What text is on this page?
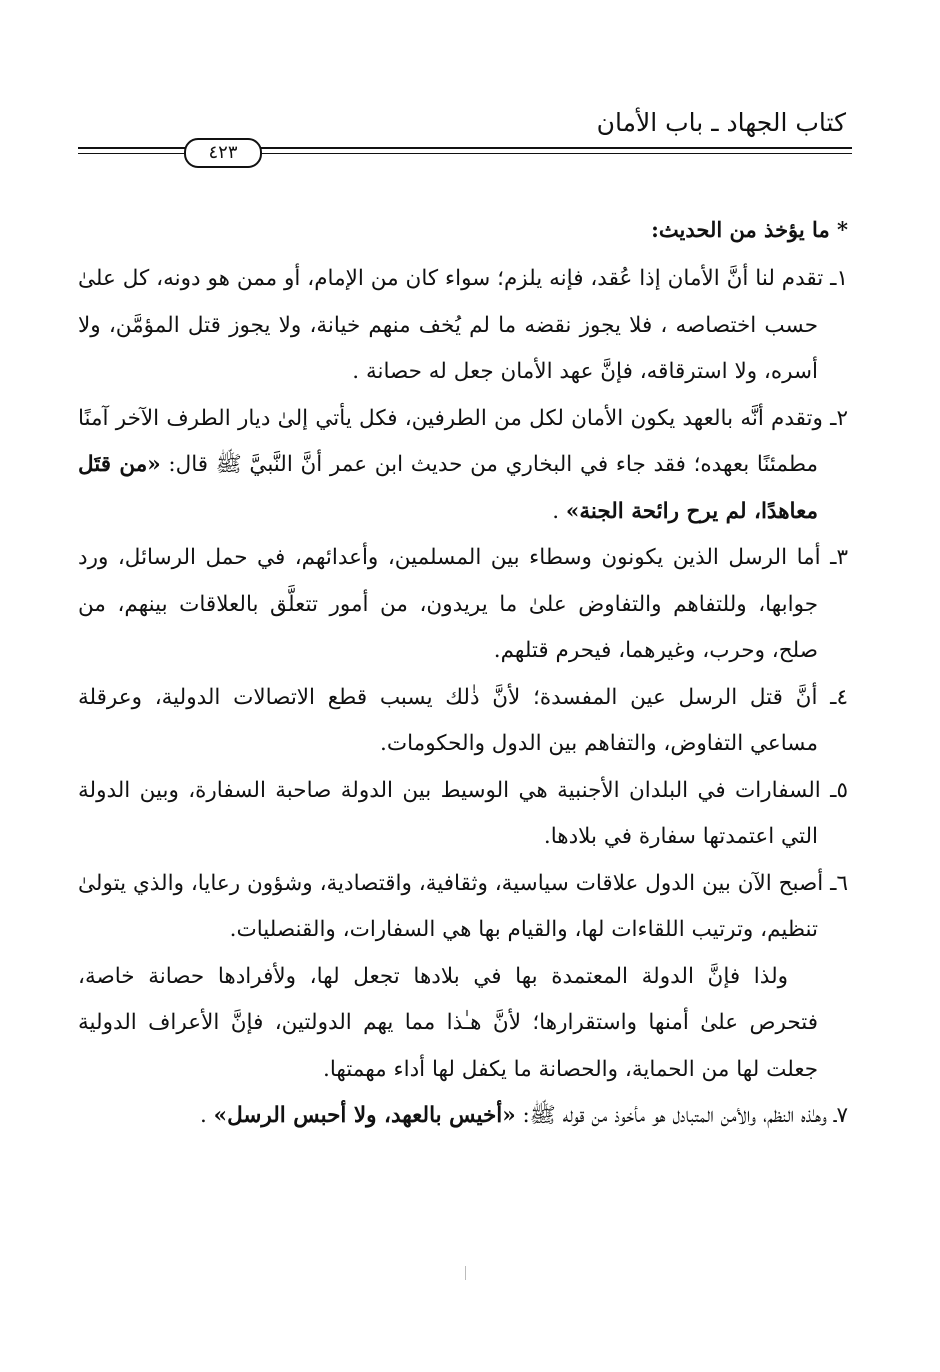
كتاب الجهاد ـ باب الأمان
٤٢٣
* ما يؤخذ من الحديث:

١ـ تقدم لنا أنَّ الأمان إذا عُقد، فإنه يلزم؛ سواء كان من الإمام، أو ممن هو دونه، كل علىٰ حسب اختصاصه ، فلا يجوز نقضه ما لم يُخف منهم خيانة، ولا يجوز قتل المؤمَّن، ولا أسره، ولا استرقاقه، فإنَّ عهد الأمان جعل له حصانة .

٢ـ وتقدم أنَّه بالعهد يكون الأمان لكل من الطرفين، فكل يأتي إلىٰ ديار الطرف الآخر آمنًا مطمئنًا بعهده؛ فقد جاء في البخاري من حديث ابن عمر أنَّ النَّبيَّ ﷺ قال: «من قتَل معاهدًا، لم يرح رائحة الجنة» .

٣ـ أما الرسل الذين يكونون وسطاء بين المسلمين، وأعدائهم، في حمل الرسائل، ورد جوابها، وللتفاهم والتفاوض علىٰ ما يريدون، من أمور تتعلَّق بالعلاقات بينهم، من صلح، وحرب، وغيرهما، فيحرم قتلهم.

٤ـ أنَّ قتل الرسل عين المفسدة؛ لأنَّ ذٰلك يسبب قطع الاتصالات الدولية، وعرقلة مساعي التفاوض، والتفاهم بين الدول والحكومات.

٥ـ السفارات في البلدان الأجنبية هي الوسيط بين الدولة صاحبة السفارة، وبين الدولة التي اعتمدتها سفارة في بلادها.

٦ـ أصبح الآن بين الدول علاقات سياسية، وثقافية، واقتصادية، وشؤون رعايا، والذي يتولىٰ تنظيم، وترتيب اللقاءات لها، والقيام بها هي السفارات، والقنصليات.

ولذا فإنَّ الدولة المعتمدة بها في بلادها تجعل لها، ولأفرادها حصانة خاصة، فتحرص علىٰ أمنها واستقرارها؛ لأنَّ هـٰذا مما يهم الدولتين، فإنَّ الأعراف الدولية جعلت لها من الحماية، والحصانة ما يكفل لها أداء مهمتها.

٧ـ وهـٰذه النظم، والأمن المتبادل هو مأخوذ من قوله ﷺ: «أخيس بالعهد، ولا أحبس الرسل» .
